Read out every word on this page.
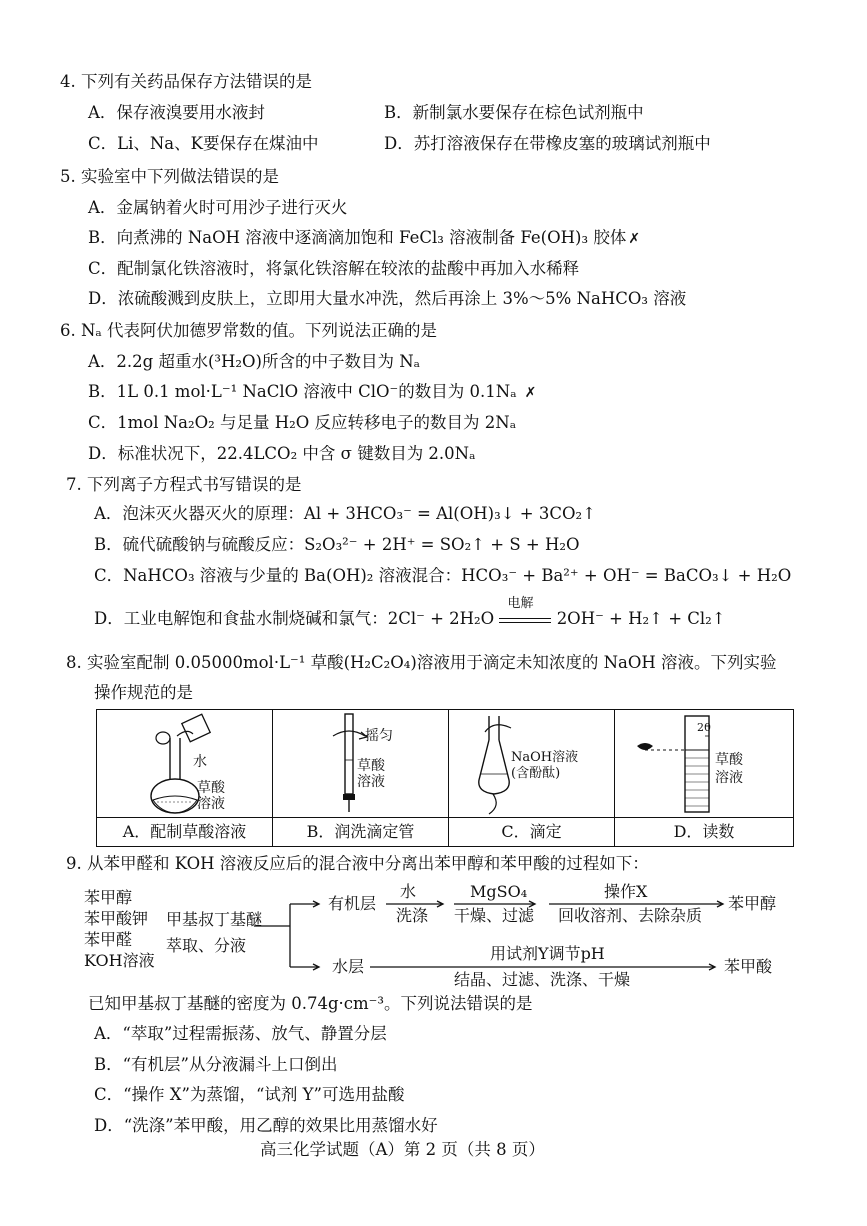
4. 下列有关药品保存方法错误的是
A．保存液溴要用水液封	B．新制氯水要保存在棕色试剂瓶中
C．Li、Na、K要保存在煤油中	D．苏打溶液保存在带橡皮塞的玻璃试剂瓶中
5. 实验室中下列做法错误的是
A．金属钠着火时可用沙子进行灭火
B．向煮沸的 NaOH 溶液中逐滴滴加饱和 FeCl₃ 溶液制备 Fe(OH)₃ 胶体 ✗
C．配制氯化铁溶液时，将氯化铁溶解在较浓的盐酸中再加入水稀释
D．浓硫酸溅到皮肤上，立即用大量水冲洗，然后再涂上 3%～5% NaHCO₃ 溶液
6. Nₐ 代表阿伏加德罗常数的值。下列说法正确的是
A．2.2g 超重水(³H₂O)所含的中子数目为 Nₐ
B．1L 0.1 mol·L⁻¹ NaClO 溶液中 ClO⁻的数目为 0.1Nₐ ✗
C．1mol Na₂O₂ 与足量 H₂O 反应转移电子的数目为 2Nₐ
D．标准状况下，22.4LCO₂ 中含 σ 键数目为 2.0Nₐ
7. 下列离子方程式书写错误的是
A．泡沫灭火器灭火的原理：Al + 3HCO₃⁻ = Al(OH)₃↓ + 3CO₂↑
B．硫代硫酸钠与硫酸反应：S₂O₃²⁻ + 2H⁺ = SO₂↑ + S + H₂O
C．NaHCO₃ 溶液与少量的 Ba(OH)₂ 溶液混合：HCO₃⁻ + Ba²⁺ + OH⁻ = BaCO₃↓ + H₂O
D．工业电解饱和食盐水制烧碱和氯气：2Cl⁻ + 2H₂O
电解
2OH⁻ + H₂↑ + Cl₂↑
8. 实验室配制 0.05000mol·L⁻¹ 草酸(H₂C₂O₄)溶液用于滴定未知浓度的 NaOH 溶液。下列实验
操作规范的是
水
草酸
溶液
A．配制草酸溶液
摇匀
草酸
溶液
B．润洗滴定管
NaOH溶液
(含酚酞)
C．滴定
20
草酸
溶液
D．读数
9. 从苯甲醛和 KOH 溶液反应后的混合液中分离出苯甲醇和苯甲酸的过程如下：
苯甲醇
苯甲酸钾
苯甲醛
KOH溶液
甲基叔丁基醚
萃取、分液
有机层
水
洗涤
MgSO₄
干燥、过滤
操作X
回收溶剂、去除杂质
苯甲醇
水层
用试剂Y调节pH
结晶、过滤、洗涤、干燥
苯甲酸
已知甲基叔丁基醚的密度为 0.74g·cm⁻³。下列说法错误的是
A．“萃取”过程需振荡、放气、静置分层
B．“有机层”从分液漏斗上口倒出
C．“操作 X”为蒸馏，“试剂 Y”可选用盐酸
D．“洗涤”苯甲酸，用乙醇的效果比用蒸馏水好
高三化学试题（A）第 2 页（共 8 页）
